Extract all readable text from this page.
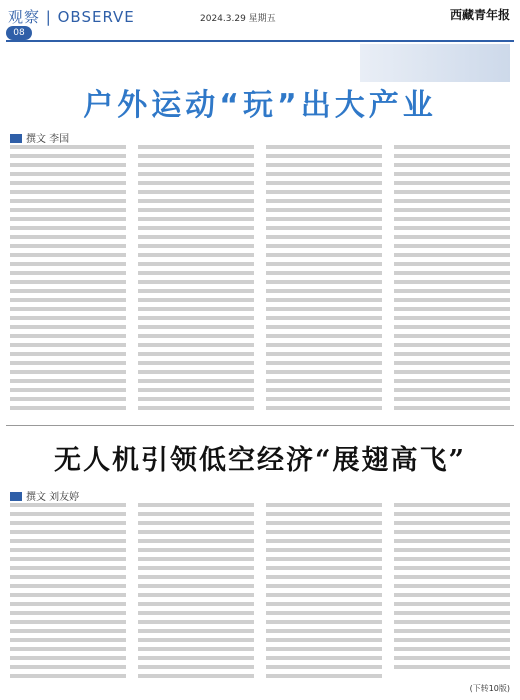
观察 | OBSERVE
08
2024.3.29 星期五	西藏青年报
户外运动“玩”出大产业
撰文 李国
无人机引领低空经济“展翅高飞”
撰文 刘友婷
(下转10版)
